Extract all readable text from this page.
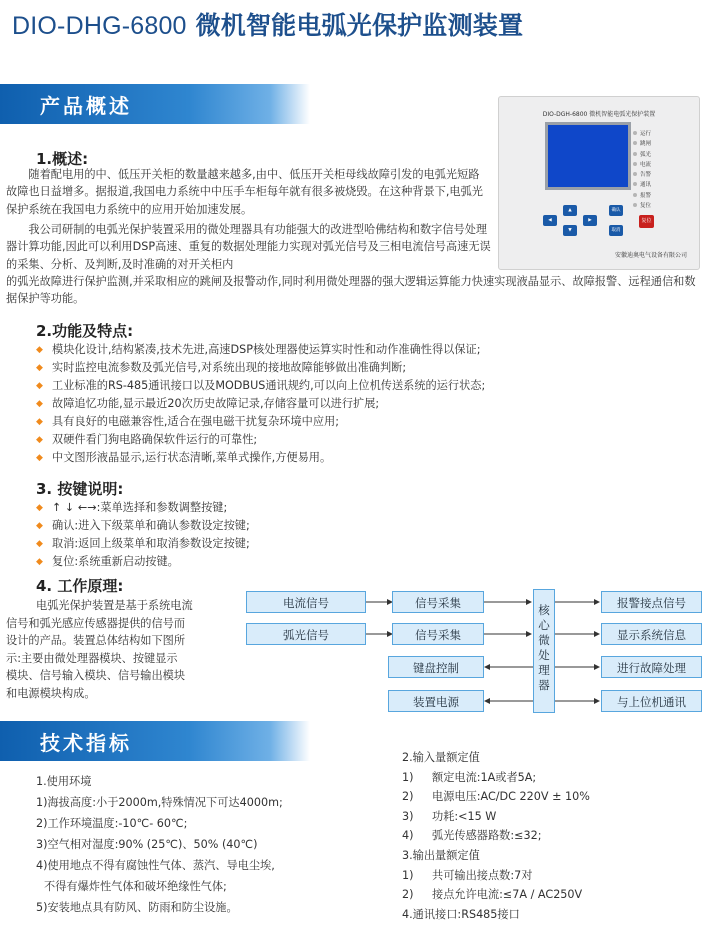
DIO-DHG-6800 微机智能电弧光保护监测装置
产品概述	DIO-DGH-6800 微机智能电弧光保护装置
运行
跳闸
弧光
电流
告警
通讯
报警
复位
▲
◀	▶
▼
确认
取消
复位
安徽迪奥电气设备有限公司
1.概述:
随着配电用的中、低压开关柜的数量越来越多,由中、低压开关柜母线故障引发的电弧光短路故障也日益增多。据报道,我国电力系统中中压手车柜每年就有很多被烧毁。在这种背景下,电弧光保护系统在我国电力系统中的应用开始加速发展。
我公司研制的电弧光保护装置采用的微处理器具有功能强大的改进型哈佛结构和数字信号处理器计算功能,因此可以利用DSP高速、重复的数据处理能力实现对弧光信号及三相电流信号高速无误的采集、分析、及判断,及时准确的对开关柜内
的弧光故障进行保护监测,并采取相应的跳闸及报警动作,同时利用微处理器的强大逻辑运算能力快速实现液晶显示、故障报警、远程通信和数据保护等功能。
2.功能及特点:
◆ 模块化设计,结构紧凑,技术先进,高速DSP核处理器使运算实时性和动作准确性得以保证;
◆ 实时监控电流参数及弧光信号,对系统出现的接地故障能够做出准确判断;
◆ 工业标准的RS-485通讯接口以及MODBUS通讯规约,可以向上位机传送系统的运行状态;
◆ 故障追忆功能,显示最近20次历史故障记录,存储容量可以进行扩展;
◆ 具有良好的电磁兼容性,适合在强电磁干扰复杂环境中应用;
◆ 双硬件看门狗电路确保软件运行的可靠性;
◆ 中文图形液晶显示,运行状态清晰,菜单式操作,方便易用。
3. 按键说明:
◆ ↑ ↓ ←→:菜单选择和参数调整按键;
◆ 确认:进入下级菜单和确认参数设定按键;
◆ 取消:返回上级菜单和取消参数设定按键;
◆ 复位:系统重新启动按键。
4. 工作原理:
电弧光保护装置是基于系统电流
信号和弧光感应传感器提供的信号而
设计的产品。装置总体结构如下图所
示:主要由微处理器模块、按键显示
模块、信号输入模块、信号输出模块
和电源模块构成。
电流信号
弧光信号
信号采集
信号采集
键盘控制
装置电源
核
心
微
处
理
器
报警接点信号
显示系统信息
进行故障处理
与上位机通讯
技术指标
1.使用环境
1)海拔高度:小于2000m,特殊情况下可达4000m;
2)工作环境温度:-10℃- 60℃;
3)空气相对湿度:90% (25℃)、50% (40℃)
4)使用地点不得有腐蚀性气体、蒸汽、导电尘埃,
不得有爆炸性气体和破坏绝缘性气体;
5)安装地点具有防风、防雨和防尘设施。
2.输入量额定值
1) 额定电流:1A或者5A;
2) 电源电压:AC/DC 220V ± 10%
3) 功耗:<15 W
4) 弧光传感器路数:≤32;
3.输出量额定值
1) 共可输出接点数:7对
2) 接点允许电流:≤7A / AC250V
4.通讯接口:RS485接口
